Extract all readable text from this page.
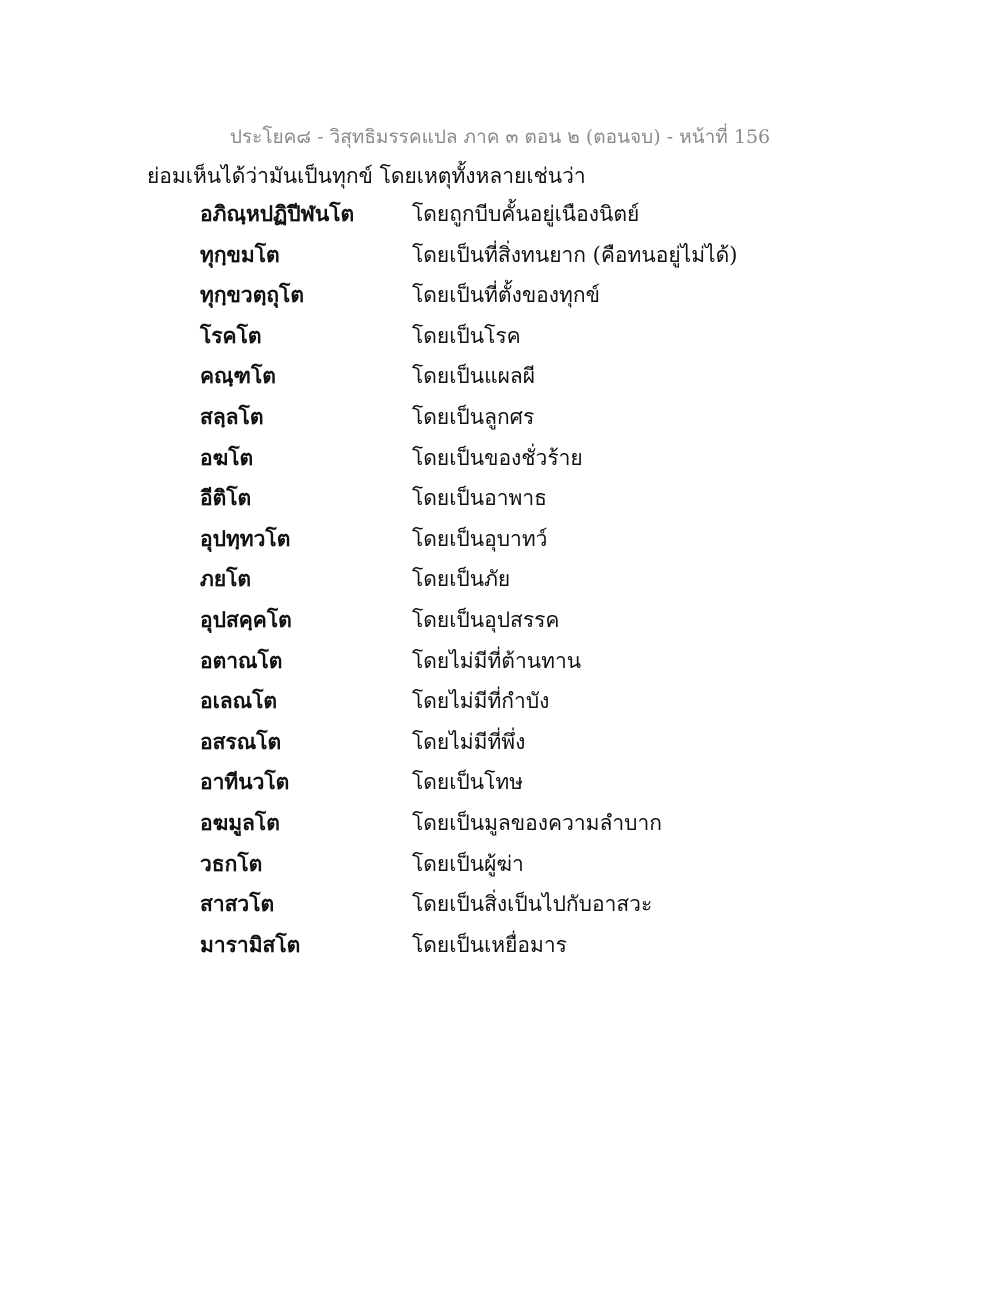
ประโยค๘ - วิสุทธิมรรคแปล ภาค ๓ ตอน ๒ (ตอนจบ) - หน้าที่ 156
ย่อมเห็นได้ว่ามันเป็นทุกข์ โดยเหตุทั้งหลายเช่นว่า
อภิณฺหปฏิปีฬนโต	โดยถูกบีบคั้นอยู่เนืองนิตย์
ทุกฺขมโต	โดยเป็นที่สิ่งทนยาก (คือทนอยู่ไม่ได้)
ทุกฺขวตฺถุโต	โดยเป็นที่ตั้งของทุกข์
โรคโต	โดยเป็นโรค
คณฺฑโต	โดยเป็นแผลผี
สลฺลโต	โดยเป็นลูกศร
อฆโต	โดยเป็นของชั่วร้าย
อีติโต	โดยเป็นอาพาธ
อุปทฺทวโต	โดยเป็นอุบาทว์
ภยโต	โดยเป็นภัย
อุปสคฺคโต	โดยเป็นอุปสรรค
อตาณโต	โดยไม่มีที่ต้านทาน
อเลณโต	โดยไม่มีที่กำบัง
อสรณโต	โดยไม่มีที่พึ่ง
อาทีนวโต	โดยเป็นโทษ
อฆมูลโต	โดยเป็นมูลของความลำบาก
วธกโต	โดยเป็นผู้ฆ่า
สาสวโต	โดยเป็นสิ่งเป็นไปกับอาสวะ
มารามิสโต	โดยเป็นเหยื่อมาร
